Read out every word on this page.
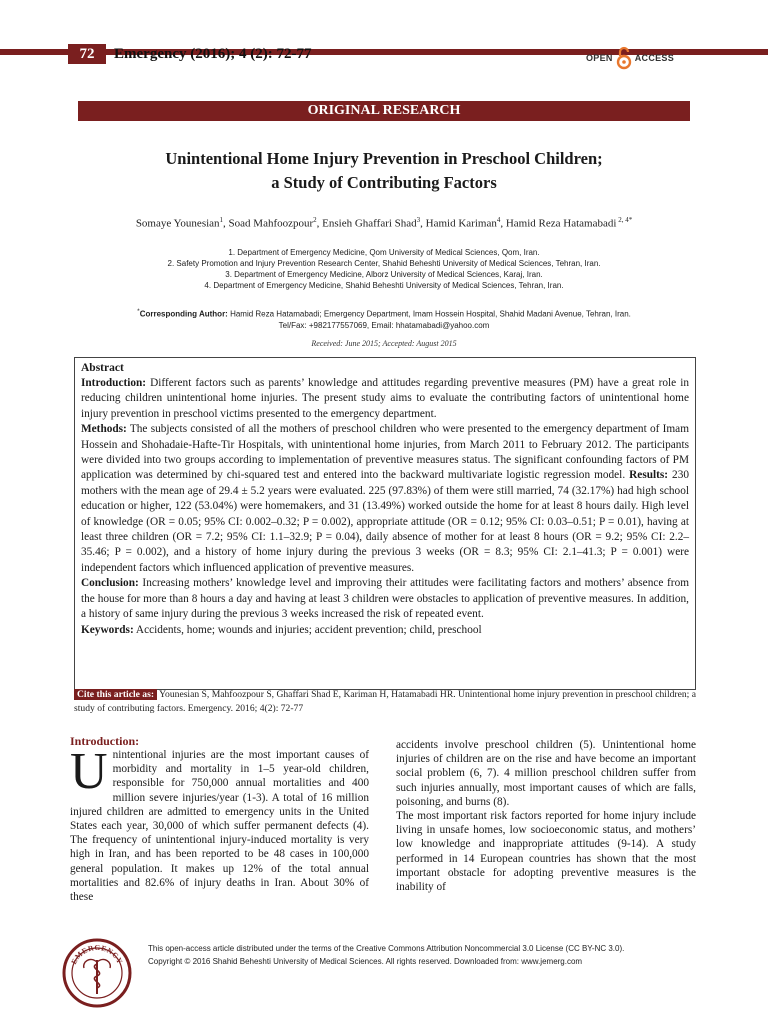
72	Emergency (2016); 4 (2): 72-77	OPEN ACCESS
ORIGINAL RESEARCH
Unintentional Home Injury Prevention in Preschool Children;
a Study of Contributing Factors
Somaye Younesian$^1$, Soad Mahfoozpour$^2$, Ensieh Ghaffari Shad$^3$, Hamid Kariman$^4$, Hamid Reza Hatamabadi $^{2, 4*}$
1. Department of Emergency Medicine, Qom University of Medical Sciences, Qom, Iran.
2. Safety Promotion and Injury Prevention Research Center, Shahid Beheshti University of Medical Sciences, Tehran, Iran.
3. Department of Emergency Medicine, Alborz University of Medical Sciences, Karaj, Iran.
4. Department of Emergency Medicine, Shahid Beheshti University of Medical Sciences, Tehran, Iran.
*Corresponding Author: Hamid Reza Hatamabadi; Emergency Department, Imam Hossein Hospital, Shahid Madani Avenue, Tehran, Iran.
Tel/Fax: +982177557069, Email: hhatamabadi@yahoo.com
Received: June 2015; Accepted: August 2015

Abstract

Introduction: Different factors such as parents’ knowledge and attitudes regarding preventive measures (PM) have a great role in reducing children unintentional home injuries. The present study aims to evaluate the contributing factors of unintentional home injury prevention in preschool victims presented to the emergency department.

Methods: The subjects consisted of all the mothers of preschool children who were presented to the emergency department of Imam Hossein and Shohadaie-Hafte-Tir Hospitals, with unintentional home injuries, from March 2011 to February 2012. The participants were divided into two groups according to implementation of preventive measures status. The significant confounding factors of PM application was determined by chi-squared test and entered into the backward multivariate logistic regression model. Results: 230 mothers with the mean age of 29.4 ± 5.2 years were evaluated. 225 (97.83%) of them were still married, 74 (32.17%) had high school education or higher, 122 (53.04%) were homemakers, and 31 (13.49%) worked outside the home for at least 8 hours daily. High level of knowledge (OR = 0.05; 95% CI: 0.002–0.32; P = 0.002), appropriate attitude (OR = 0.12; 95% CI: 0.03–0.51; P = 0.01), having at least three children (OR = 7.2; 95% CI: 1.1–32.9; P = 0.04), daily absence of mother for at least 8 hours (OR = 9.2; 95% CI: 2.2–35.46; P = 0.002), and a history of home injury during the previous 3 weeks (OR = 8.3; 95% CI: 2.1–41.3; P = 0.001) were independent factors which influenced application of preventive measures.

Conclusion: Increasing mothers’ knowledge level and improving their attitudes were facilitating factors and mothers’ absence from the house for more than 8 hours a day and having at least 3 children were obstacles to application of preventive measures. In addition, a history of same injury during the previous 3 weeks increased the risk of repeated event.

Keywords: Accidents, home; wounds and injuries; accident prevention; child, preschool

Cite this article as: Younesian S, Mahfoozpour S, Ghaffari Shad E, Kariman H, Hatamabadi HR. Unintentional home injury prevention in preschool children; a study of contributing factors. Emergency. 2016; 4(2): 72-77
Introduction:
U nintentional injuries are the most important causes of morbidity and mortality in 1–5 year-old children, responsible for 750,000 annual mortalities and 400 million severe injuries/year (1-3). A total of 16 million injured children are admitted to emergency units in the United States each year, 30,000 of which suffer permanent defects (4). The frequency of unintentional injury-induced mortality is very high in Iran, and has been reported to be 48 cases in 100,000 general population. It makes up 12% of the total annual mortalities and 82.6% of injury deaths in Iran. About 30% of these

accidents involve preschool children (5). Unintentional home injuries of children are on the rise and have become an important social problem (6, 7). 4 million preschool children suffer from such injuries annually, most important causes of which are falls, poisoning, and burns (8).

The most important risk factors reported for home injury include living in unsafe homes, low socioeconomic status, and mothers’ low knowledge and inappropriate attitudes (9-14). A study performed in 14 European countries has shown that the most important obstacle for adopting preventive measures is the inability of

EMERGENCY
This open-access article distributed under the terms of the Creative Commons Attribution Noncommercial 3.0 License (CC BY-NC 3.0).
Copyright © 2016 Shahid Beheshti University of Medical Sciences. All rights reserved. Downloaded from: www.jemerg.com
